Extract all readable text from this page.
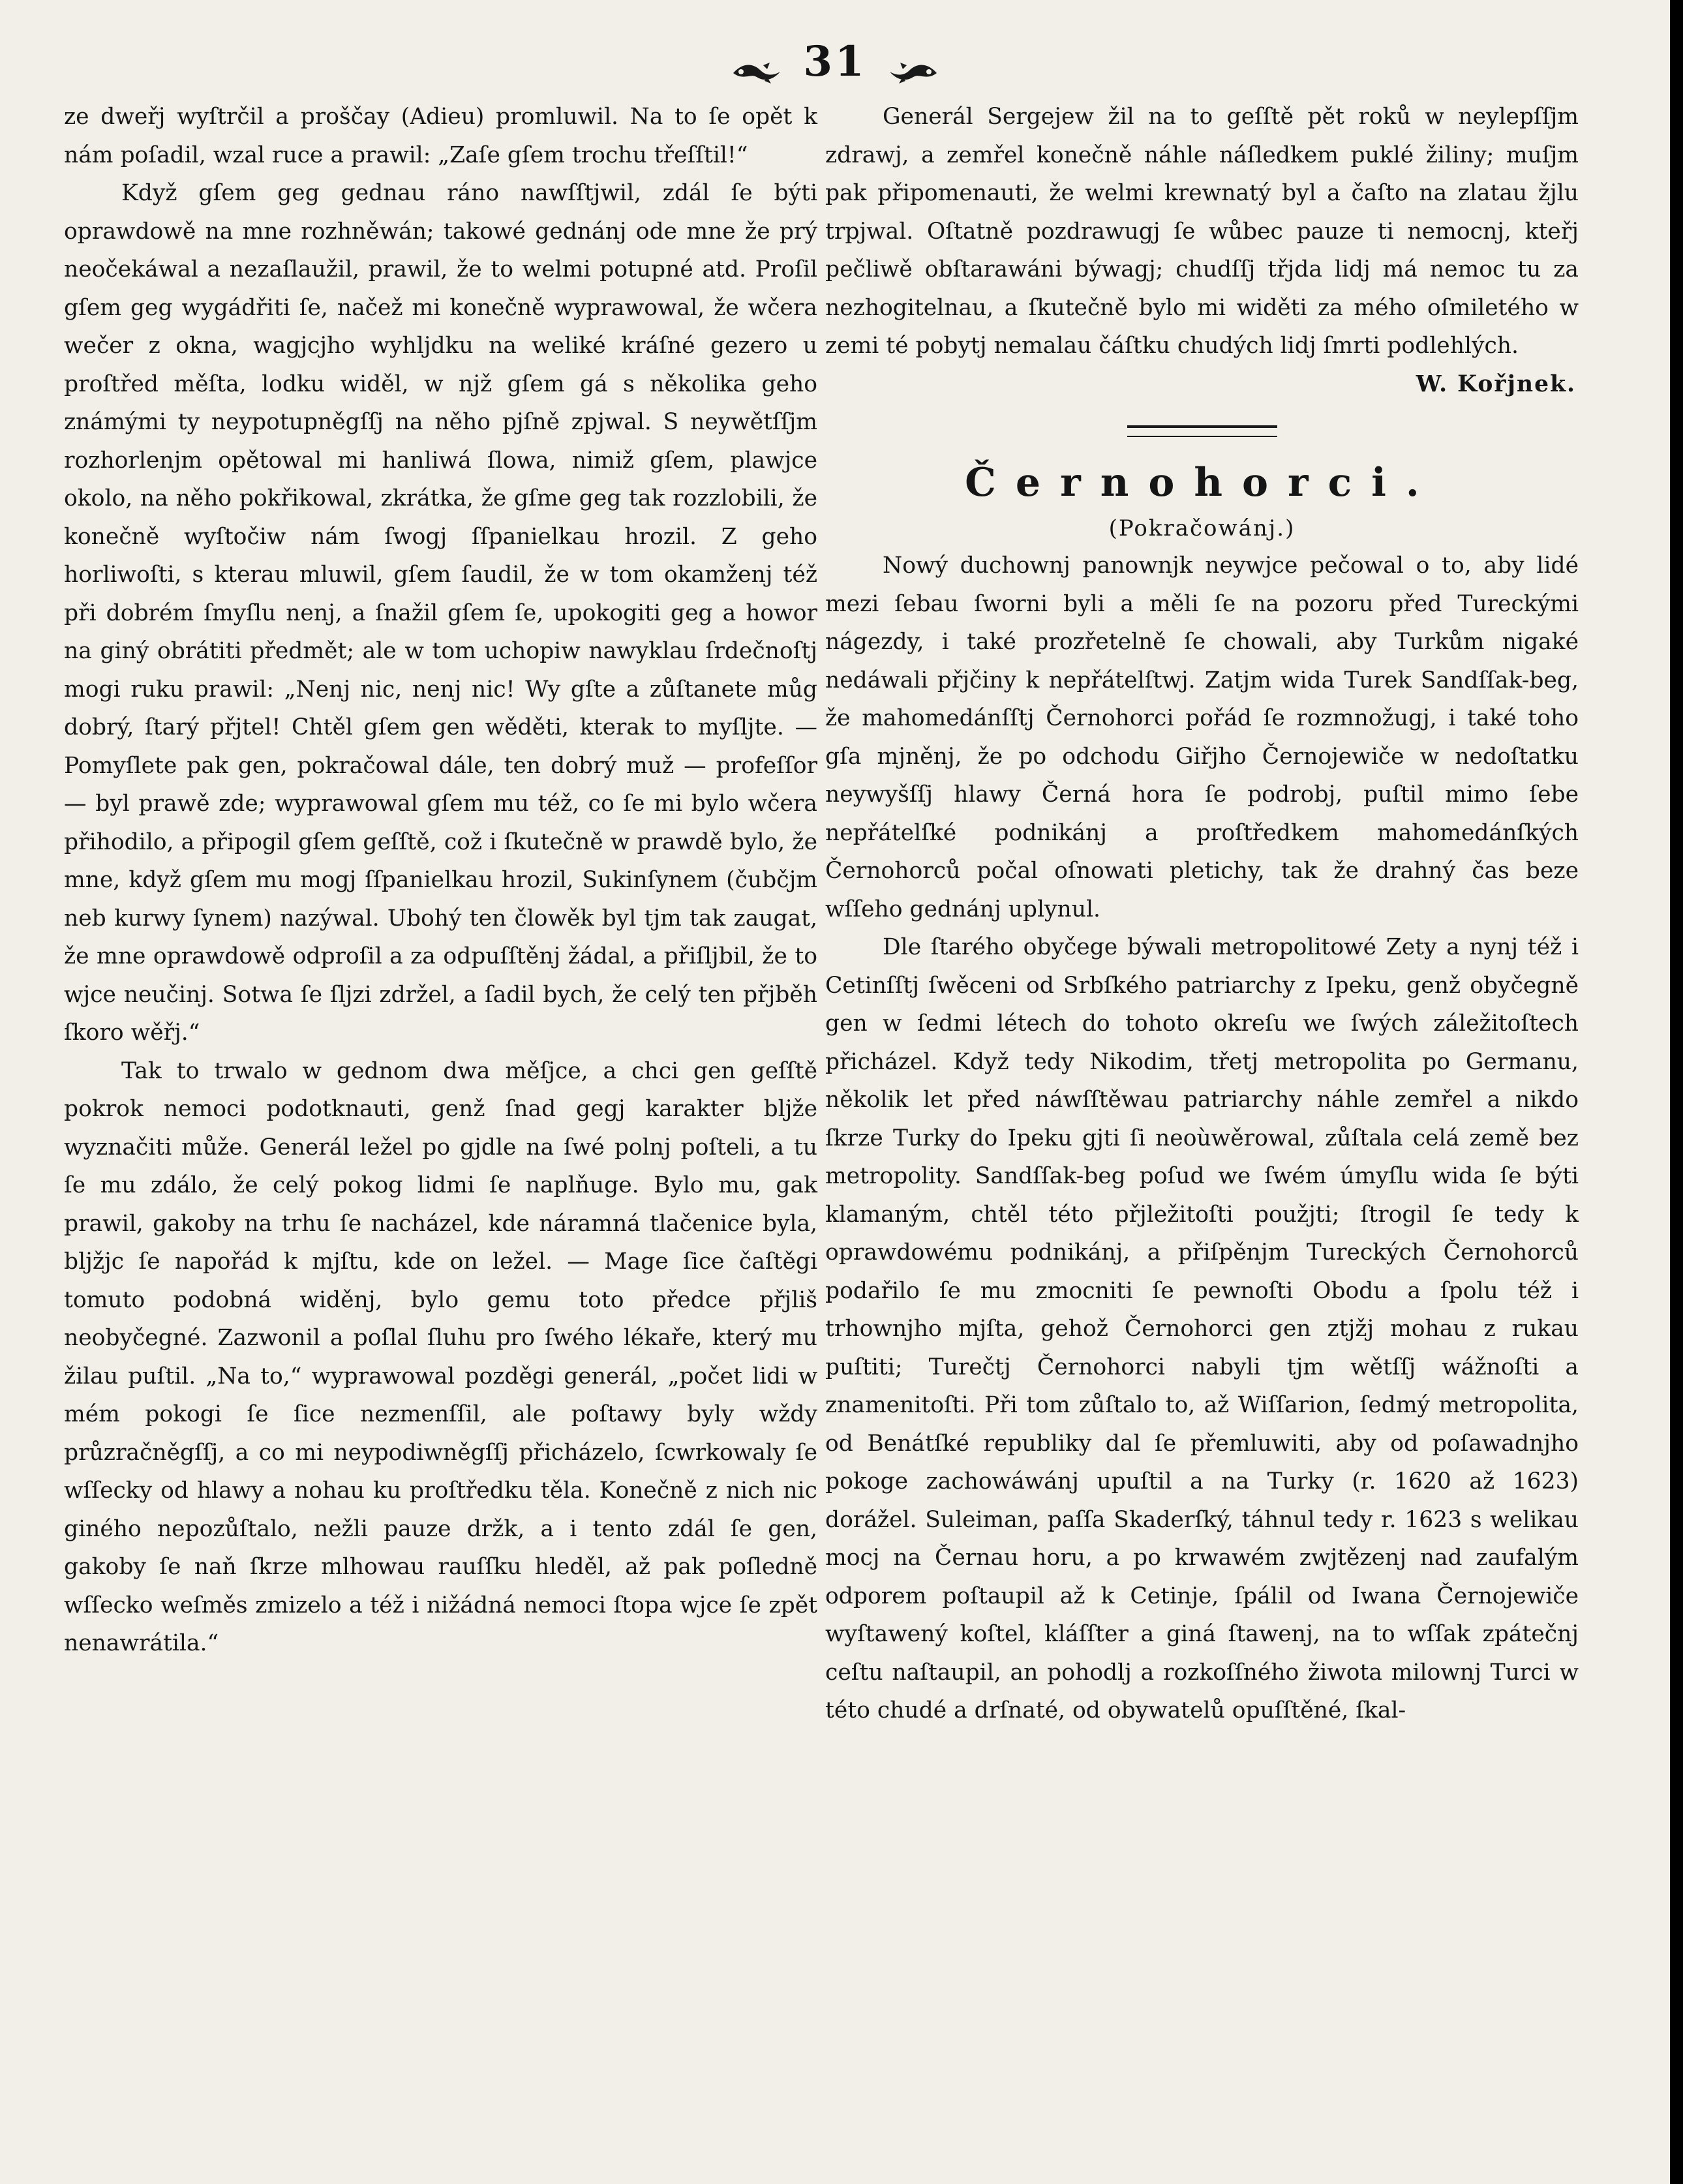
31

ze dweřj wyſtrčil a proščay (Adieu) promluwil. Na to ſe opět k nám poſadil, wzal ruce a prawil: „Zaſe gſem trochu třeſſtil!“

Když gſem geg gednau ráno nawſſtjwil, zdál ſe býti oprawdowě na mne rozhněwán; takowé gednánj ode mne že prý neočekáwal a nezaſlaužil, prawil, že to welmi potupné atd. Proſil gſem geg wygádřiti ſe, načež mi konečně wyprawowal, že wčera wečer z okna, wagjcjho wyhljdku na weliké kráſné gezero u proſtřed měſta, lodku widěl, w njž gſem gá s několika geho známými ty neypotupněgſſj na něho pjſně zpjwal. S neywětſſjm rozhorlenjm opětowal mi hanliwá ſlowa, nimiž gſem, plawjce okolo, na něho pokřikowal, zkrátka, že gſme geg tak rozzlobili, že konečně wyſtočiw nám ſwogj ſſpanielkau hrozil. Z geho horliwoſti, s kterau mluwil, gſem ſaudil, že w tom okamženj též při dobrém ſmyſlu nenj, a ſnažil gſem ſe, upokogiti geg a howor na giný obrátiti předmět; ale w tom uchopiw nawyklau ſrdečnoſtj mogi ruku prawil: „Nenj nic, nenj nic! Wy gſte a zůſtanete můg dobrý, ſtarý přjtel! Chtěl gſem gen wěděti, kterak to myſljte. — Pomyſlete pak gen, pokračowal dále, ten dobrý muž — profeſſor — byl prawě zde; wyprawowal gſem mu též, co ſe mi bylo wčera přihodilo, a připogil gſem geſſtě, což i ſkutečně w prawdě bylo, že mne, když gſem mu mogj ſſpanielkau hrozil, Sukinſynem (čubčjm neb kurwy ſynem) nazýwal. Ubohý ten člowěk byl tjm tak zaugat, že mne oprawdowě odproſil a za odpuſſtěnj žádal, a přiſljbil, že to wjce neučinj. Sotwa ſe ſljzi zdržel, a ſadil bych, že celý ten přjběh ſkoro wěřj.“

Tak to trwalo w gednom dwa měſjce, a chci gen geſſtě pokrok nemoci podotknauti, genž ſnad gegj karakter bljže wyznačiti může. Generál ležel po gjdle na ſwé polnj poſteli, a tu ſe mu zdálo, že celý pokog lidmi ſe naplňuge. Bylo mu, gak prawil, gakoby na trhu ſe nacházel, kde náramná tlačenice byla, bljžjc ſe napořád k mjſtu, kde on ležel. — Mage ſice čaſtěgi tomuto podobná widěnj, bylo gemu toto předce přjliš neobyčegné. Zazwonil a poſlal ſluhu pro ſwého lékaře, který mu žilau puſtil. „Na to,“ wyprawowal pozděgi generál, „počet lidi w mém pokogi ſe ſice nezmenſſil, ale poſtawy byly wždy průzračněgſſj, a co mi neypodiwněgſſj přicházelo, ſcwrkowaly ſe wſſecky od hlawy a nohau ku proſtředku těla. Konečně z nich nic giného nepozůſtalo, nežli pauze držk, a i tento zdál ſe gen, gakoby ſe naň ſkrze mlhowau rauſſku hleděl, až pak poſledně wſſecko weſměs zmizelo a též i nižádná nemoci ſtopa wjce ſe zpět nenawrátila.“

Generál Sergejew žil na to geſſtě pět roků w neylepſſjm zdrawj, a zemřel konečně náhle náſledkem puklé žiliny; muſjm pak připomenauti, že welmi krewnatý byl a čaſto na zlatau žjlu trpjwal. Oſtatně pozdrawugj ſe wůbec pauze ti nemocnj, kteřj pečliwě obſtarawáni býwagj; chudſſj třjda lidj má nemoc tu za nezhogitelnau, a ſkutečně bylo mi widěti za mého oſmiletého w zemi té pobytj nemalau čáſtku chudých lidj ſmrti podlehlých.

W. Kořjnek.

Černohorci.

(Pokračowánj.)

Nowý duchownj panownjk neywjce pečowal o to, aby lidé mezi ſebau ſworni byli a měli ſe na pozoru před Tureckými nágezdy, i také prozřetelně ſe chowali, aby Turkům nigaké nedáwali přjčiny k nepřátelſtwj. Zatjm wida Turek Sandſſak-beg, že mahomedánſſtj Černohorci pořád ſe rozmnožugj, i také toho gſa mjněnj, že po odchodu Giřjho Černojewiče w nedoſtatku neywyšſſj hlawy Černá hora ſe podrobj, puſtil mimo ſebe nepřátelſké podnikánj a proſtředkem mahomedánſkých Černohorců počal oſnowati pletichy, tak že drahný čas beze wſſeho gednánj uplynul.

Dle ſtarého obyčege býwali metropolitowé Zety a nynj též i Cetinſſtj ſwěceni od Srbſkého patriarchy z Ipeku, genž obyčegně gen w ſedmi létech do tohoto okreſu we ſwých záležitoſtech přicházel. Když tedy Nikodim, třetj metropolita po Germanu, několik let před náwſſtěwau patriarchy náhle zemřel a nikdo ſkrze Turky do Ipeku gjti ſi neoùwěrowal, zůſtala celá země bez metropolity. Sandſſak-beg poſud we ſwém úmyſlu wida ſe býti klamaným, chtěl této přjležitoſti použjti; ſtrogil ſe tedy k oprawdowému podnikánj, a přiſpěnjm Tureckých Černohorců podařilo ſe mu zmocniti ſe pewnoſti Obodu a ſpolu též i trhownjho mjſta, gehož Černohorci gen ztjžj mohau z rukau puſtiti; Turečtj Černohorci nabyli tjm wětſſj wážnoſti a znamenitoſti. Při tom zůſtalo to, až Wiſſarion, ſedmý metropolita, od Benátſké republiky dal ſe přemluwiti, aby od poſawadnjho pokoge zachowáwánj upuſtil a na Turky (r. 1620 až 1623) dorážel. Suleiman, paſſa Skaderſký, táhnul tedy r. 1623 s welikau mocj na Černau horu, a po krwawém zwjtězenj nad zaufalým odporem poſtaupil až k Cetinje, ſpálil od Iwana Černojewiče wyſtawený koſtel, kláſſter a giná ſtawenj, na to wſſak zpátečnj ceſtu naſtaupil, an pohodlj a rozkoſſného žiwota milownj Turci w této chudé a drſnaté, od obywatelů opuſſtěné, ſkal-
